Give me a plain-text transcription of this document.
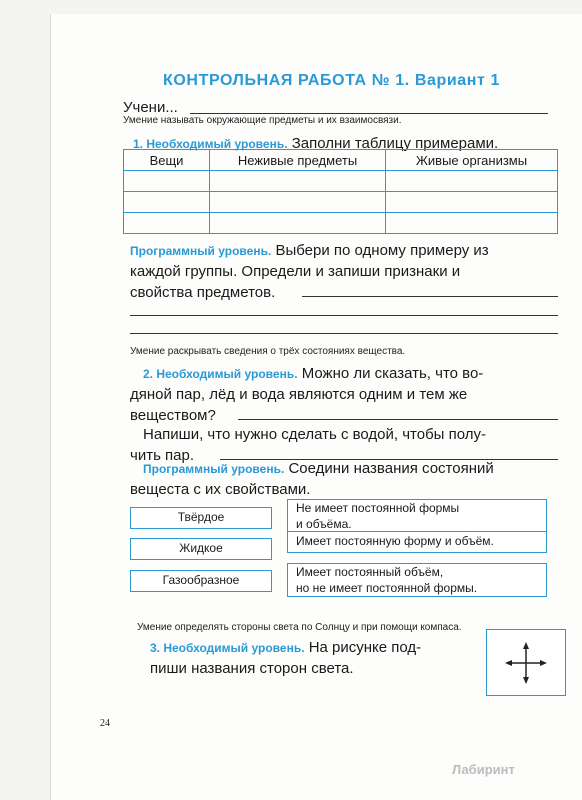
КОНТРОЛЬНАЯ РАБОТА № 1. Вариант 1
Учени...
Умение называть окружающие предметы и их взаимосвязи.
1. Необходимый уровень. Заполни таблицу примерами.
Вещи	Неживые предметы	Живые организмы

Программный уровень. Выбери по одному примеру из
каждой группы. Определи и запиши признаки и
свойства предметов.
Умение раскрывать сведения о трёх состояниях вещества.
2. Необходимый уровень. Можно ли сказать, что во-
дяной пар, лёд и вода являются одним и тем же
веществом?
Напиши, что нужно сделать с водой, чтобы полу-
чить пар.
Программный уровень. Соедини названия состояний
вещеста с их свойствами.
Твёрдое
Жидкое
Газообразное
Не имеет постоянной формы
и объёма.
Имеет постоянную форму и объём.
Имеет постоянный объём,
но не имеет постоянной формы.
Умение определять стороны света по Солнцу и при помощи компаса.
3. Необходимый уровень. На рисунке под-
пиши названия сторон света.
24
Лабиринт
